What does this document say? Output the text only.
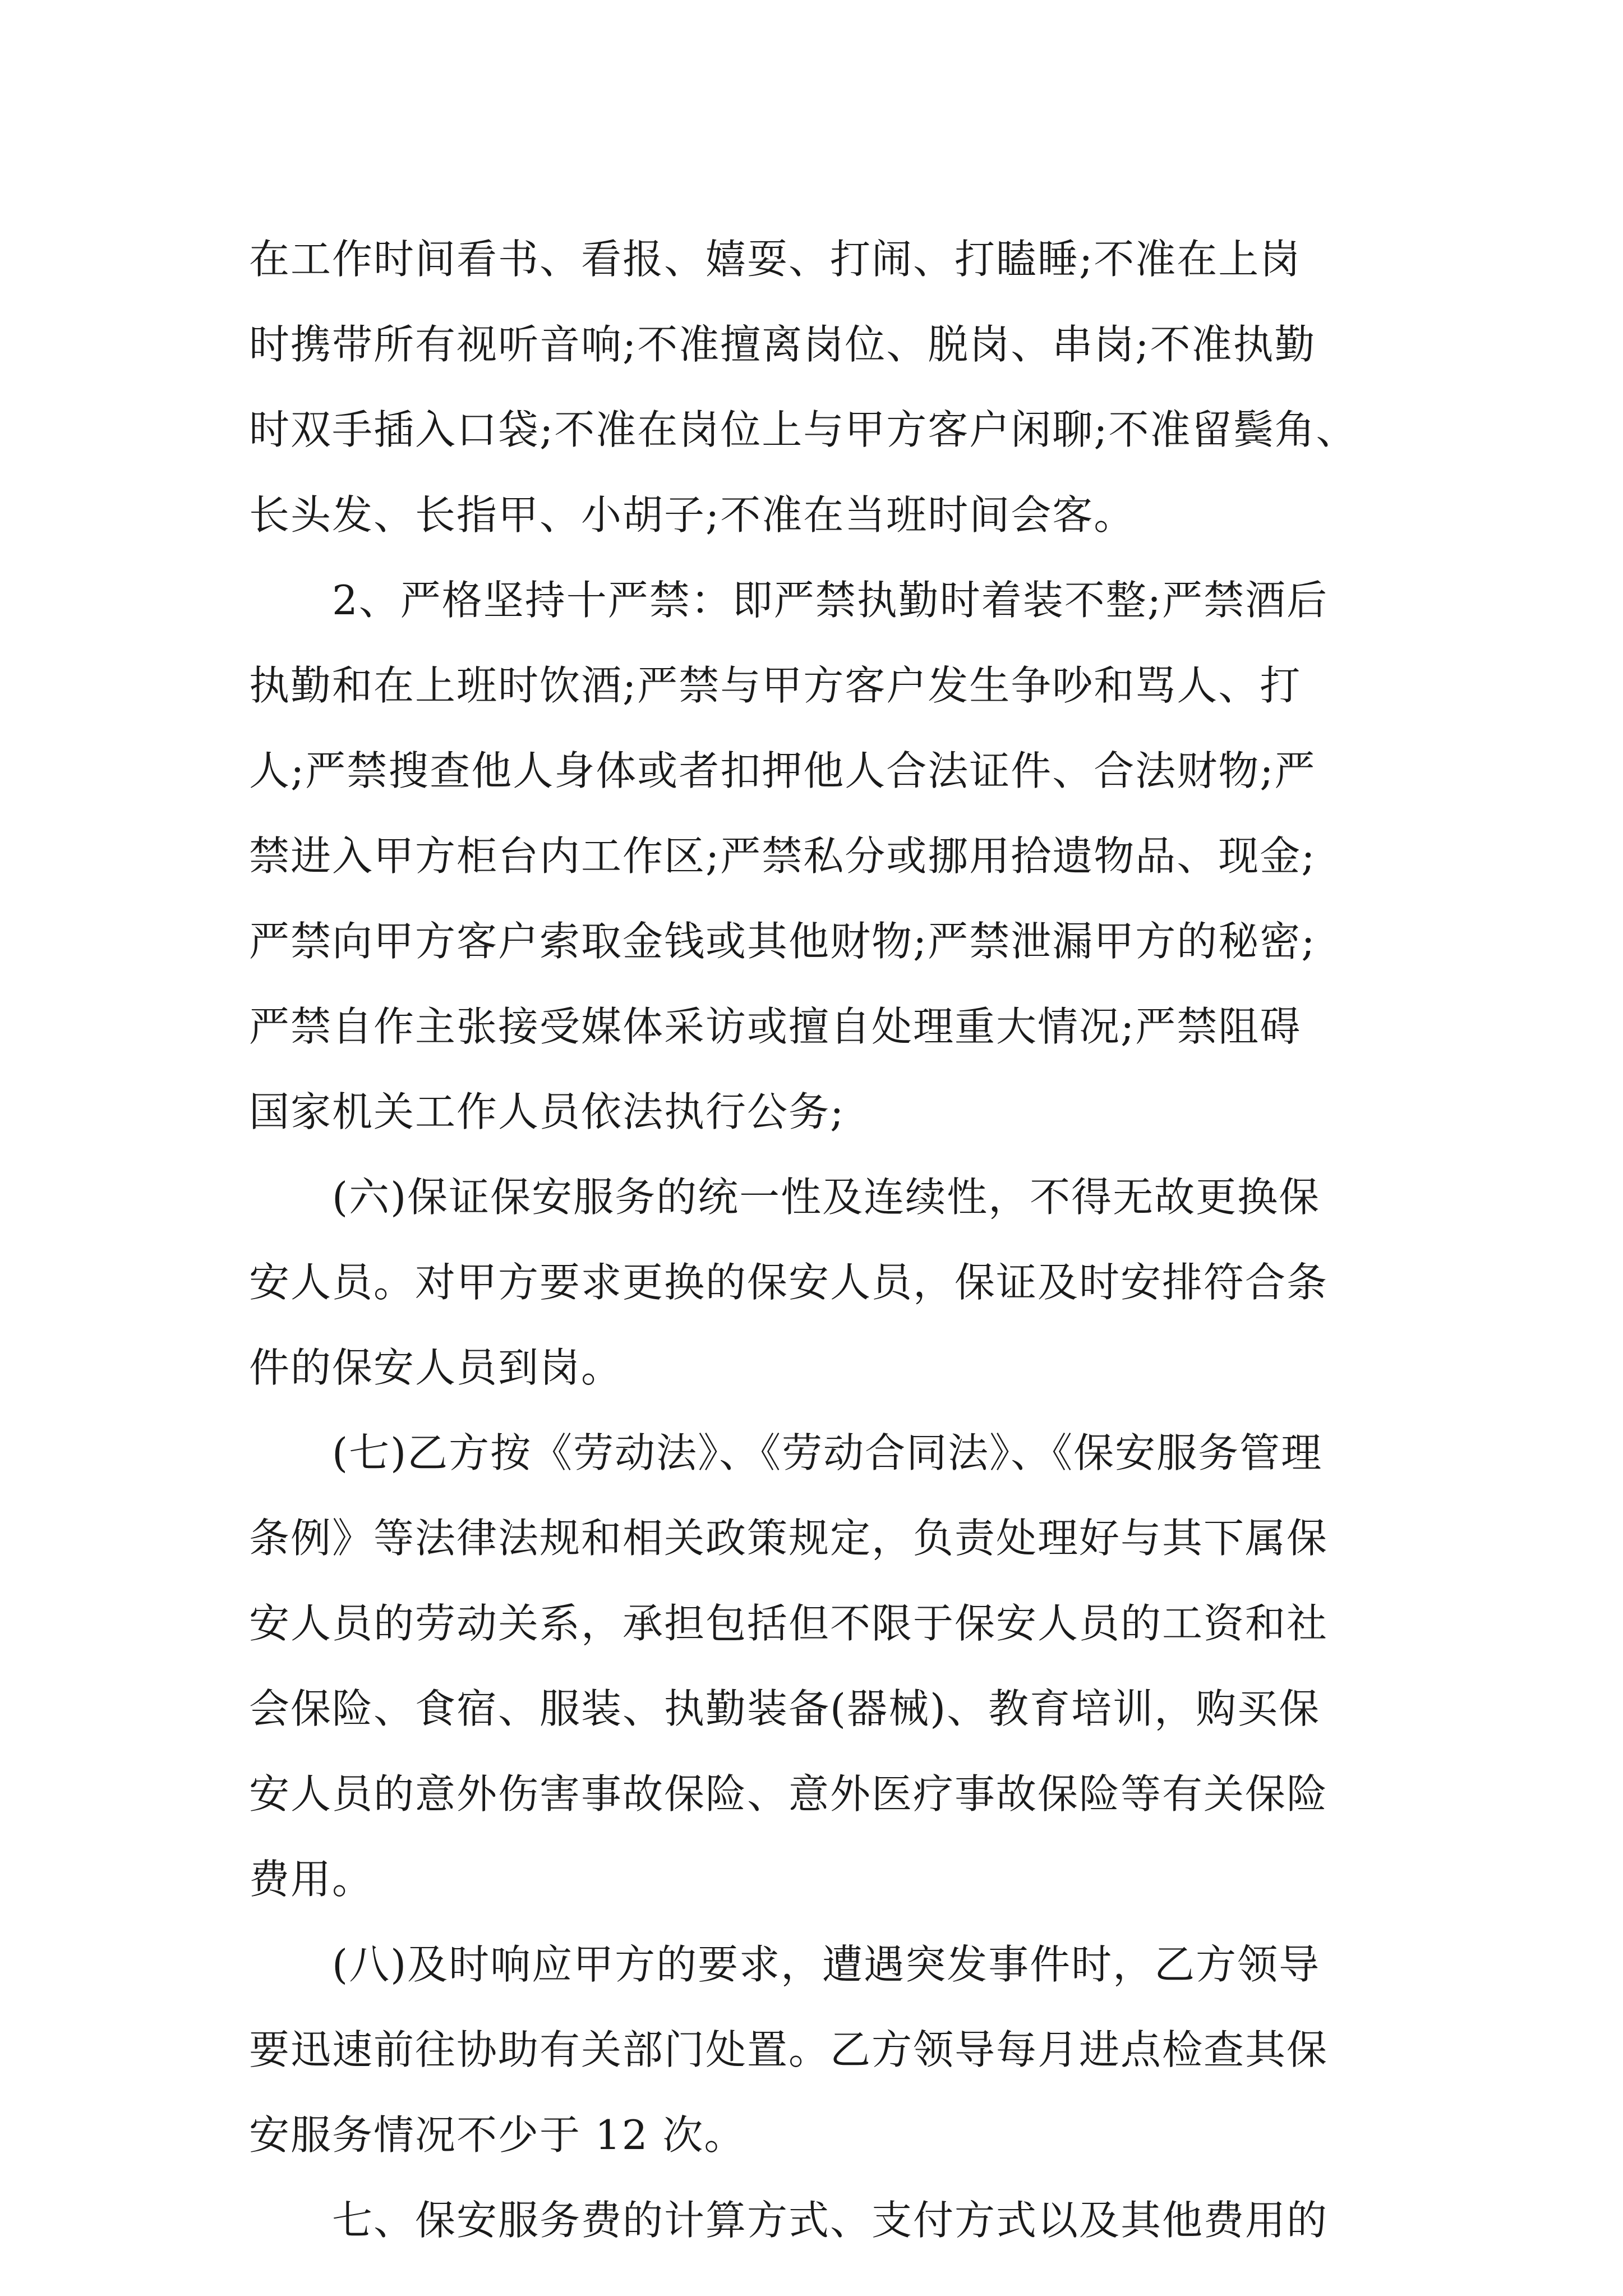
在工作时间看书、看报、嬉耍、打闹、打瞌睡;不准在上岗
时携带所有视听音响;不准擅离岗位、脱岗、串岗;不准执勤
时双手插入口袋;不准在岗位上与甲方客户闲聊;不准留鬓角、
长头发、长指甲、小胡子;不准在当班时间会客。
2、严格坚持十严禁：即严禁执勤时着装不整;严禁酒后
执勤和在上班时饮酒;严禁与甲方客户发生争吵和骂人、打
人;严禁搜查他人身体或者扣押他人合法证件、合法财物;严
禁进入甲方柜台内工作区;严禁私分或挪用拾遗物品、现金;
严禁向甲方客户索取金钱或其他财物;严禁泄漏甲方的秘密;
严禁自作主张接受媒体采访或擅自处理重大情况;严禁阻碍
国家机关工作人员依法执行公务;
(六)保证保安服务的统一性及连续性，不得无故更换保
安人员。对甲方要求更换的保安人员，保证及时安排符合条
件的保安人员到岗。
(七)乙方按《劳动法》、《劳动合同法》、《保安服务管理
条例》等法律法规和相关政策规定，负责处理好与其下属保
安人员的劳动关系，承担包括但不限于保安人员的工资和社
会保险、食宿、服装、执勤装备(器械)、教育培训，购买保
安人员的意外伤害事故保险、意外医疗事故保险等有关保险
费用。
(八)及时响应甲方的要求，遭遇突发事件时，乙方领导
要迅速前往协助有关部门处置。乙方领导每月进点检查其保
安服务情况不少于 12 次。
七、保安服务费的计算方式、支付方式以及其他费用的
